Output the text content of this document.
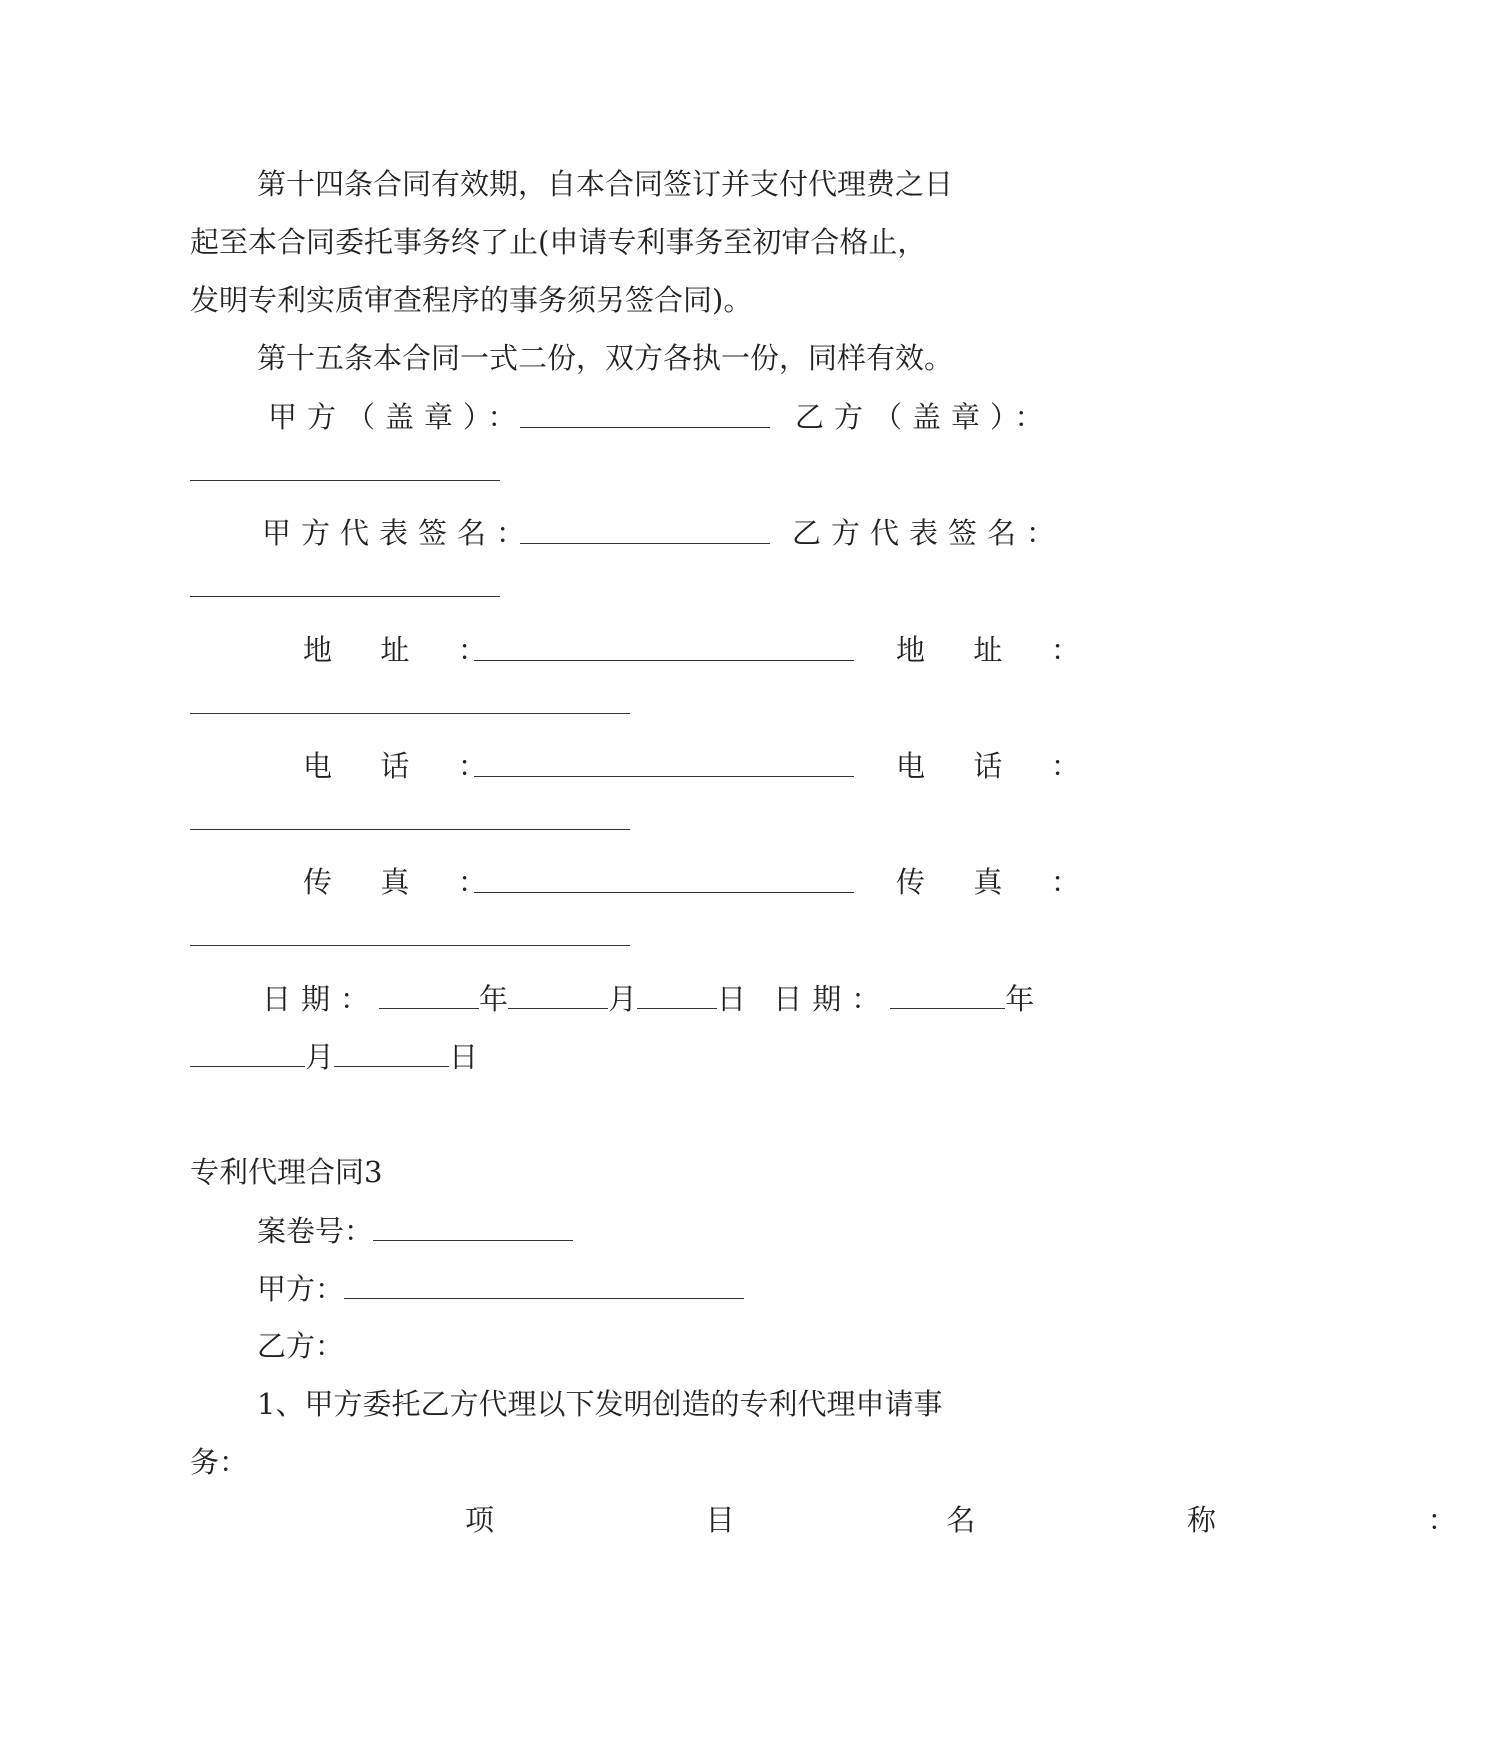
第十四条合同有效期，自本合同签订并支付代理费之日
起至本合同委托事务终了止(申请专利事务至初审合格止，
发明专利实质审查程序的事务须另签合同)。
第十五条本合同一式二份，双方各执一份，同样有效。
甲方（盖章）：	乙方（盖章）：
甲方代表签名：	乙方代表签名：
地  址  ：	地  址  ：
电  话  ：	电  话  ：
传  真  ：	传  真  ：
日期：	年	月	日 日期：	年
月	日
专利代理合同3
案卷号：
甲方：
乙方：
1、甲方委托乙方代理以下发明创造的专利代理申请事
务：
项   目   名   称   ：
